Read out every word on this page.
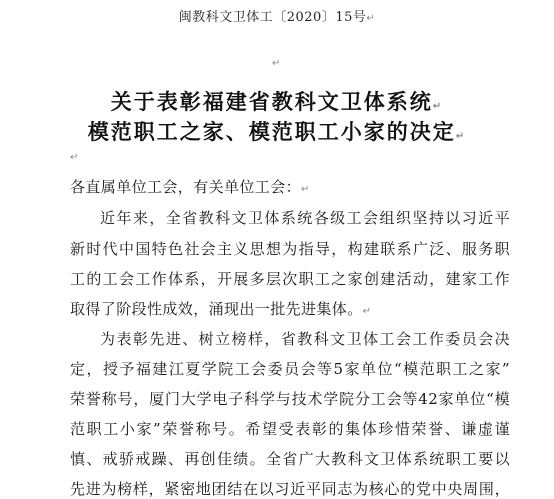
闽教科文卫体工〔2020〕15号↵
↵
关于表彰福建省教科文卫体系统↵
模范职工之家、模范职工小家的决定↵
↵
各直属单位工会，有关单位工会：↵
近年来，全省教科文卫体系统各级工会组织坚持以习近平
新时代中国特色社会主义思想为指导，构建联系广泛、服务职
工的工会工作体系，开展多层次职工之家创建活动，建家工作
取得了阶段性成效，涌现出一批先进集体。↵
为表彰先进、树立榜样，省教科文卫体工会工作委员会决
定，授予福建江夏学院工会委员会等5家单位“模范职工之家”
荣誉称号，厦门大学电子科学与技术学院分工会等42家单位“模
范职工小家”荣誉称号。希望受表彰的集体珍惜荣誉、谦虚谨
慎、戒骄戒躁、再创佳绩。全省广大教科文卫体系统职工要以
先进为榜样，紧密地团结在以习近平同志为核心的党中央周围，
